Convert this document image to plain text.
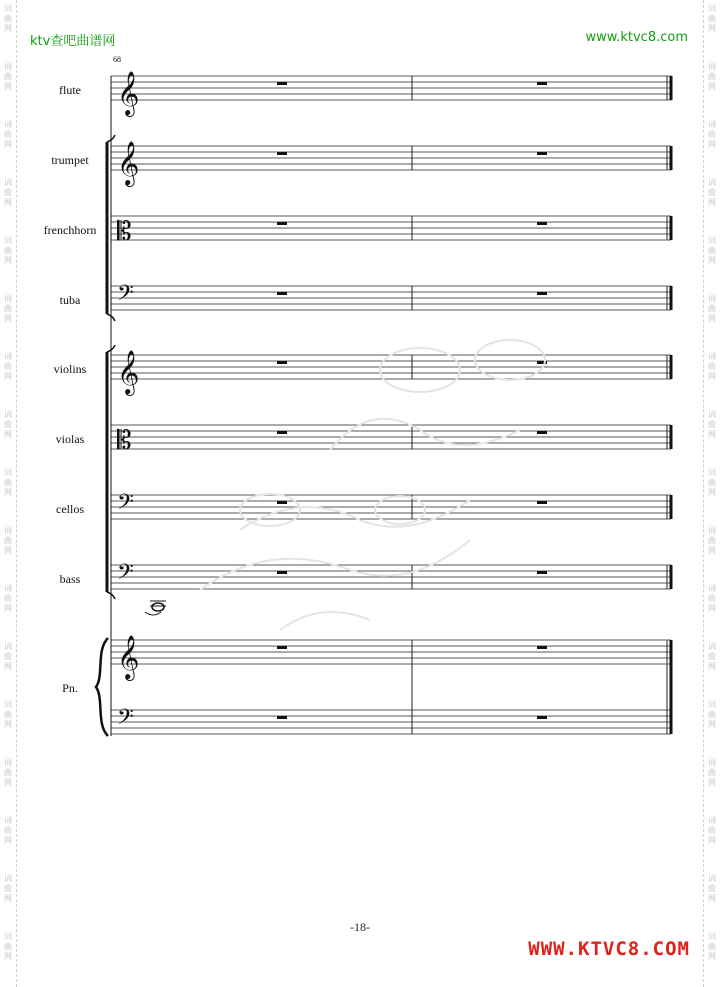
词
曲
网
词
曲
网
词
曲
网
词
曲
网
词
曲
网
词
曲
网
词
曲
网
词
曲
网
词
曲
网
词
曲
网
词
曲
网
词
曲
网
词
曲
网
词
曲
网
词
曲
网
词
曲
网
词
曲
网
词
曲
网
词
曲
网
词
曲
网
词
曲
网
词
曲
网
词
曲
网
词
曲
网
词
曲
网
词
曲
网
词
曲
网
词
曲
网
词
曲
网
词
曲
网
词
曲
网
词
曲
网
词
曲
网
词
曲
网
ktv查吧曲谱网	www.ktvc8.com
68
flute
trumpet
frenchhorn
tuba
violins
violas
cellos
bass
Pn.
𝄞
𝄞
𝄡
𝄢
𝄞
𝄡
𝄢
𝄢
𝄞
𝄢
-18-
WWW.KTVC8.COM
